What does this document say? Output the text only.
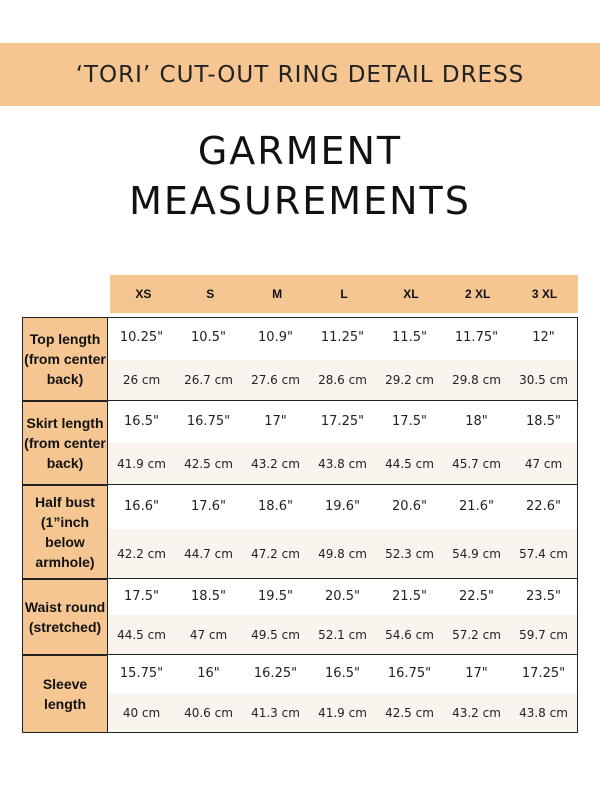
‘TORI’ CUT-OUT RING DETAIL DRESS
GARMENT
MEASUREMENTS
XS	S	M	L	XL	2 XL	3 XL
Top length
(from center
back)
10.25"	10.5"	10.9"	11.25"	11.5"	11.75"	12"
26 cm	26.7 cm	27.6 cm	28.6 cm	29.2 cm	29.8 cm	30.5 cm
Skirt length
(from center
back)
16.5"	16.75"	17"	17.25"	17.5"	18"	18.5"
41.9 cm	42.5 cm	43.2 cm	43.8 cm	44.5 cm	45.7 cm	47 cm
Half bust
(1”inch
below
armhole)
16.6"	17.6"	18.6"	19.6"	20.6"	21.6"	22.6"
42.2 cm	44.7 cm	47.2 cm	49.8 cm	52.3 cm	54.9 cm	57.4 cm
Waist round
(stretched)
17.5"	18.5"	19.5"	20.5"	21.5"	22.5"	23.5"
44.5 cm	47 cm	49.5 cm	52.1 cm	54.6 cm	57.2 cm	59.7 cm
Sleeve
length
15.75"	16"	16.25"	16.5"	16.75"	17"	17.25"
40 cm	40.6 cm	41.3 cm	41.9 cm	42.5 cm	43.2 cm	43.8 cm
